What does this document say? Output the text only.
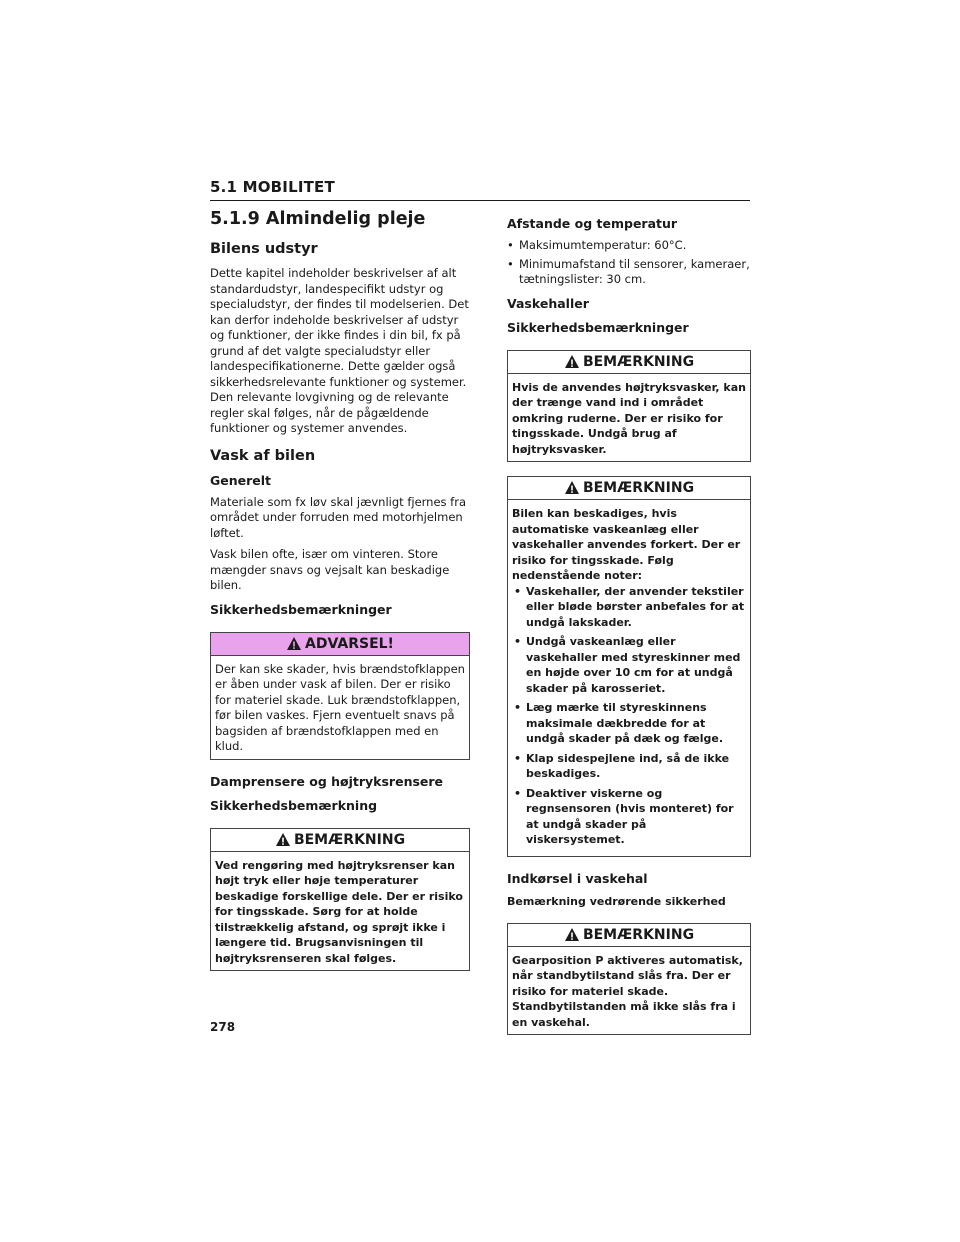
5.1 MOBILITET
5.1.9 Almindelig pleje
Bilens udstyr

Dette kapitel indeholder beskrivelser af alt standardudstyr, landespecifikt udstyr og specialudstyr, der findes til modelserien. Det kan derfor indeholde beskrivelser af udstyr og funktioner, der ikke findes i din bil, fx på grund af det valgte specialudstyr eller landespecifikationerne. Dette gælder også sikkerhedsrelevante funktioner og systemer. Den relevante lovgivning og de relevante regler skal følges, når de pågældende funktioner og systemer anvendes.

Vask af bilen
Generelt

Materiale som fx løv skal jævnligt fjernes fra området under forruden med motorhjelmen løftet.

Vask bilen ofte, især om vinteren. Store mængder snavs og vejsalt kan beskadige bilen.

Sikkerhedsbemærkninger
ADVARSEL!
Der kan ske skader, hvis brændstofklappen er åben under vask af bilen. Der er risiko for materiel skade. Luk brændstofklappen, før bilen vaskes. Fjern eventuelt snavs på bagsiden af brændstofklappen med en klud.
Damprensere og højtryksrensere
Sikkerhedsbemærkning
BEMÆRKNING
Ved rengøring med højtryksrenser kan højt tryk eller høje temperaturer beskadige forskellige dele. Der er risiko for tingsskade. Sørg for at holde tilstrækkelig afstand, og sprøjt ikke i længere tid. Brugsanvisningen til højtryksrenseren skal følges.
Afstande og temperatur
• Maksimumtemperatur: 60°C.
• Minimumafstand til sensorer, kameraer, tætningslister: 30 cm.
Vaskehaller
Sikkerhedsbemærkninger
BEMÆRKNING
Hvis de anvendes højtryksvasker, kan der trænge vand ind i området omkring ruderne. Der er risiko for tingsskade. Undgå brug af højtryksvasker.
BEMÆRKNING
Bilen kan beskadiges, hvis automatiske vaskeanlæg eller vaskehaller anvendes forkert. Der er risiko for tingsskade. Følg nedenstående noter:
• Vaskehaller, der anvender tekstiler eller bløde børster anbefales for at undgå lakskader.
• Undgå vaskeanlæg eller vaskehaller med styreskinner med en højde over 10 cm for at undgå skader på karosseriet.
• Læg mærke til styreskinnens maksimale dækbredde for at undgå skader på dæk og fælge.
• Klap sidespejlene ind, så de ikke beskadiges.
• Deaktiver viskerne og regnsensoren (hvis monteret) for at undgå skader på viskersystemet.
Indkørsel i vaskehal
Bemærkning vedrørende sikkerhed
BEMÆRKNING
Gearposition P aktiveres automatisk, når standbytilstand slås fra. Der er risiko for materiel skade. Standbytilstanden må ikke slås fra i en vaskehal.
278
